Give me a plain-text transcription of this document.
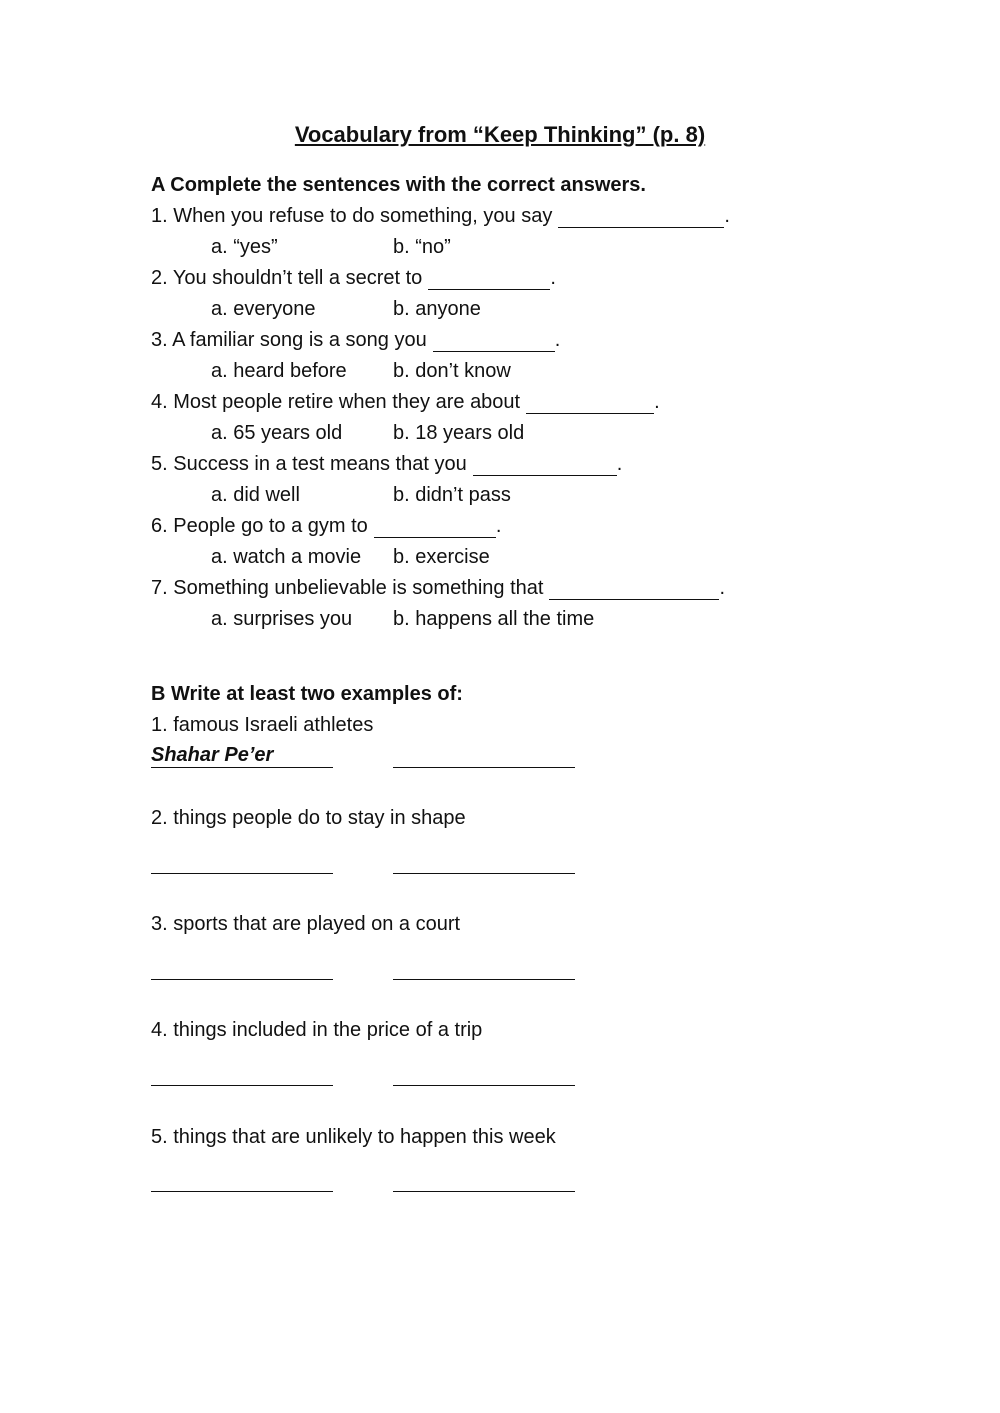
Vocabulary from “Keep Thinking” (p. 8)
A Complete the sentences with the correct answers.
1. When you refuse to do something, you say	.
a. “yes”	b. “no”
2. You shouldn’t tell a secret to	.
a. everyone	b. anyone
3. A familiar song is a song you	.
a. heard before b. don’t know
4. Most people retire when they are about	.
a. 65 years old	b. 18 years old
5. Success in a test means that you	.
a. did well	b. didn’t pass
6. People go to a gym to	.
a. watch a movie b. exercise
7. Something unbelievable is something that	.
a. surprises you b. happens all the time
B Write at least two examples of:
1. famous Israeli athletes
Shahar Pe’er
2. things people do to stay in shape
3. sports that are played on a court
4. things included in the price of a trip
5. things that are unlikely to happen this week
